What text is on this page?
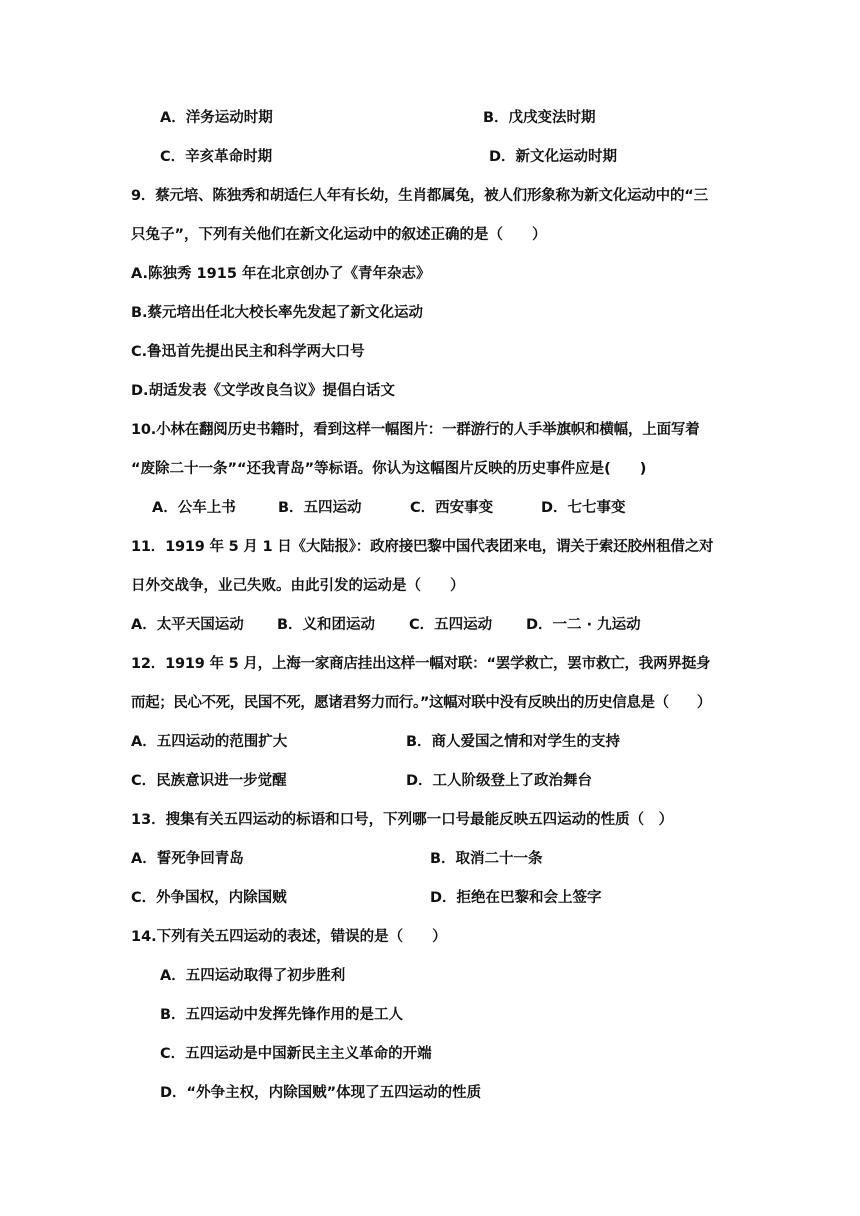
A．洋务运动时期	B．戊戌变法时期
C．辛亥革命时期	D．新文化运动时期
9．蔡元培、陈独秀和胡适仨人年有长幼，生肖都属兔，被人们形象称为新文化运动中的“三
只兔子”，下列有关他们在新文化运动中的叙述正确的是（　　）
A.陈独秀 1915 年在北京创办了《青年杂志》
B.蔡元培出任北大校长率先发起了新文化运动
C.鲁迅首先提出民主和科学两大口号
D.胡适发表《文学改良刍议》提倡白话文
10.小林在翻阅历史书籍时，看到这样一幅图片：一群游行的人手举旗帜和横幅，上面写着
“废除二十一条”“还我青岛”等标语。你认为这幅图片反映的历史事件应是(　　)
A．公车上书	B．五四运动	C．西安事变	D．七七事变
11．1919 年 5 月 1 日《大陆报》：政府接巴黎中国代表团来电，谓关于索还胶州租借之对
日外交战争，业己失败。由此引发的运动是（　　）
A．太平天国运动 B．义和团运动 C．五四运动 D．一二 · 九运动
12．1919 年 5 月，上海一家商店挂出这样一幅对联：“罢学救亡，罢市救亡，我两界挺身
而起；民心不死，民国不死，愿诸君努力而行。”这幅对联中没有反映出的历史信息是（　　）
A．五四运动的范围扩大	B．商人爱国之情和对学生的支持
C．民族意识进一步觉醒	D．工人阶级登上了政治舞台
13．搜集有关五四运动的标语和口号，下列哪一口号最能反映五四运动的性质（　）
A．誓死争回青岛	B．取消二十一条
C．外争国权，内除国贼	D．拒绝在巴黎和会上签字
14.下列有关五四运动的表述，错误的是（　　）
A．五四运动取得了初步胜利
B．五四运动中发挥先锋作用的是工人
C．五四运动是中国新民主主义革命的开端
D．“外争主权，内除国贼”体现了五四运动的性质
